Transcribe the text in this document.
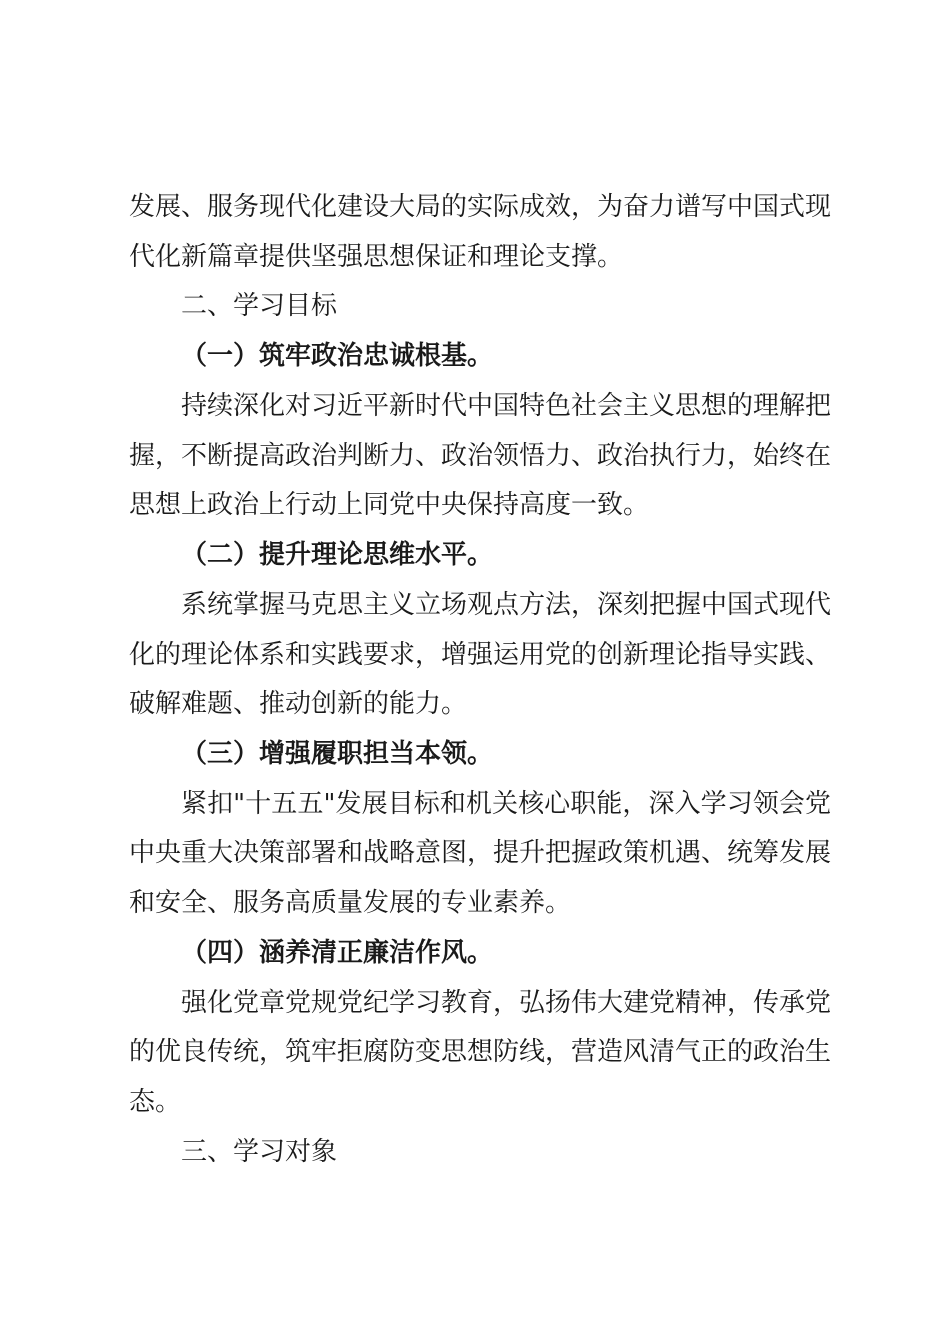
发展、服务现代化建设大局的实际成效，为奋力谱写中国式现
代化新篇章提供坚强思想保证和理论支撑。
二、学习目标
（一）筑牢政治忠诚根基。
持续深化对习近平新时代中国特色社会主义思想的理解把
握，不断提高政治判断力、政治领悟力、政治执行力，始终在
思想上政治上行动上同党中央保持高度一致。
（二）提升理论思维水平。
系统掌握马克思主义立场观点方法，深刻把握中国式现代
化的理论体系和实践要求，增强运用党的创新理论指导实践、
破解难题、推动创新的能力。
（三）增强履职担当本领。
紧扣"十五五"发展目标和机关核心职能，深入学习领会党
中央重大决策部署和战略意图，提升把握政策机遇、统筹发展
和安全、服务高质量发展的专业素养。
（四）涵养清正廉洁作风。
强化党章党规党纪学习教育，弘扬伟大建党精神，传承党
的优良传统，筑牢拒腐防变思想防线，营造风清气正的政治生
态。
三、学习对象
